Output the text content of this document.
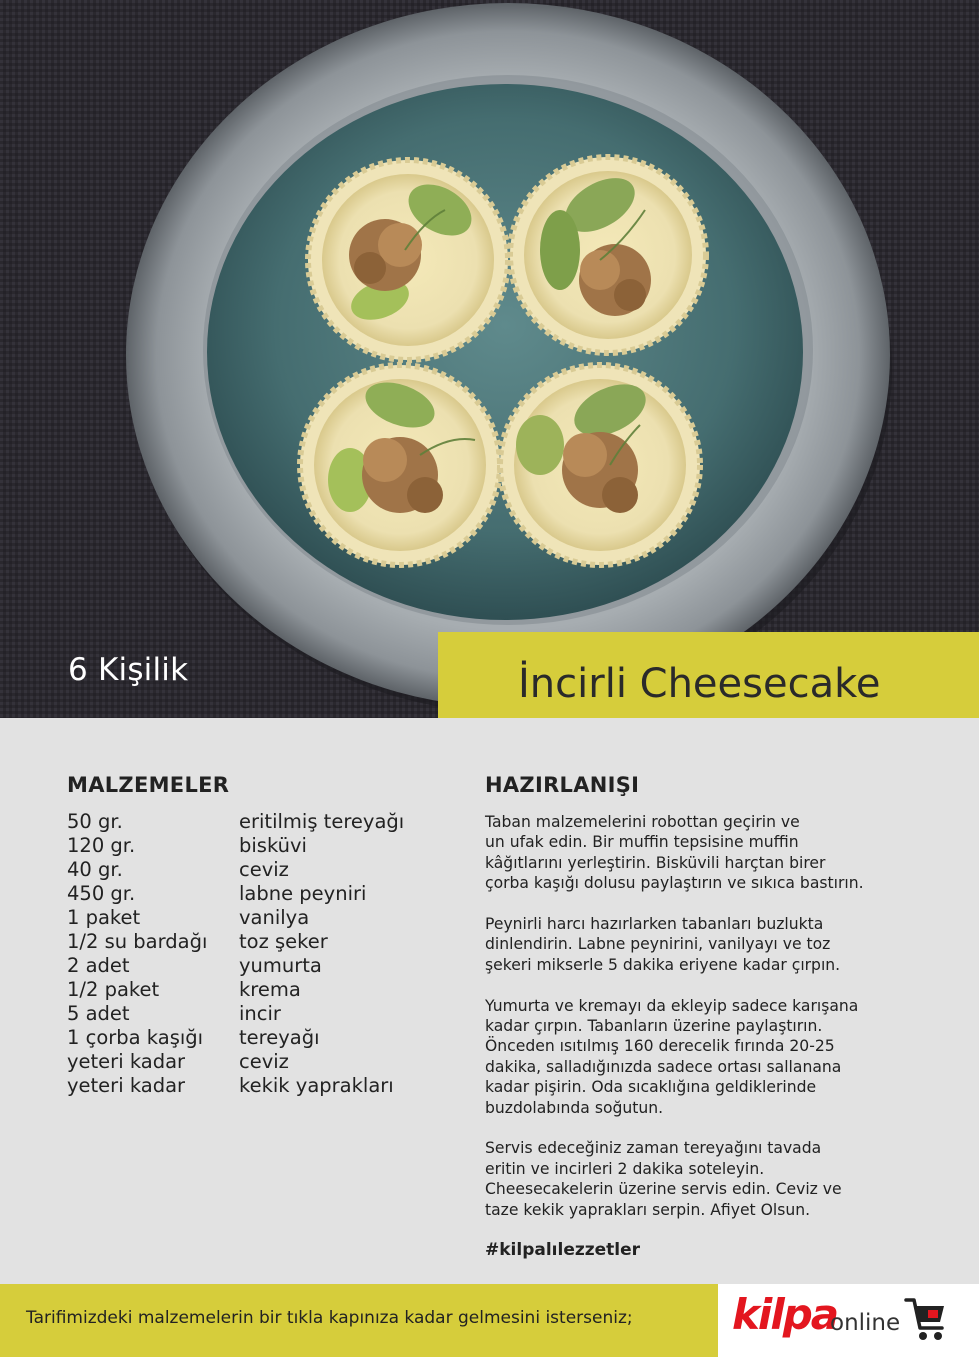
6 Kişilik	İncirli Cheesecake
MALZEMELER
50 gr.	eritilmiş tereyağı
120 gr.	bisküvi
40 gr.	ceviz
450 gr.	labne peyniri
1 paket	vanilya
1/2 su bardağı	toz şeker
2 adet	yumurta
1/2 paket	krema
5 adet	incir
1 çorba kaşığı	tereyağı
yeteri kadar	ceviz
yeteri kadar	kekik yaprakları
HAZIRLANIŞI

Taban malzemelerini robottan geçirin ve
un ufak edin. Bir muffin tepsisine muffin
kâğıtlarını yerleştirin. Bisküvili harçtan birer
çorba kaşığı dolusu paylaştırın ve sıkıca bastırın.

Peynirli harcı hazırlarken tabanları buzlukta
dinlendirin. Labne peynirini, vanilyayı ve toz
şekeri mikserle 5 dakika eriyene kadar çırpın.

Yumurta ve kremayı da ekleyip sadece karışana
kadar çırpın. Tabanların üzerine paylaştırın.
Önceden ısıtılmış 160 derecelik fırında 20-25
dakika, salladığınızda sadece ortası sallanana
kadar pişirin. Oda sıcaklığına geldiklerinde
buzdolabında soğutun.

Servis edeceğiniz zaman tereyağını tavada
eritin ve incirleri 2 dakika soteleyin.
Cheesecakelerin üzerine servis edin. Ceviz ve
taze kekik yaprakları serpin. Afiyet Olsun.

#kilpalılezzetler
Tarifimizdeki malzemelerin bir tıkla kapınıza kadar gelmesini isterseniz; kilpa
online
